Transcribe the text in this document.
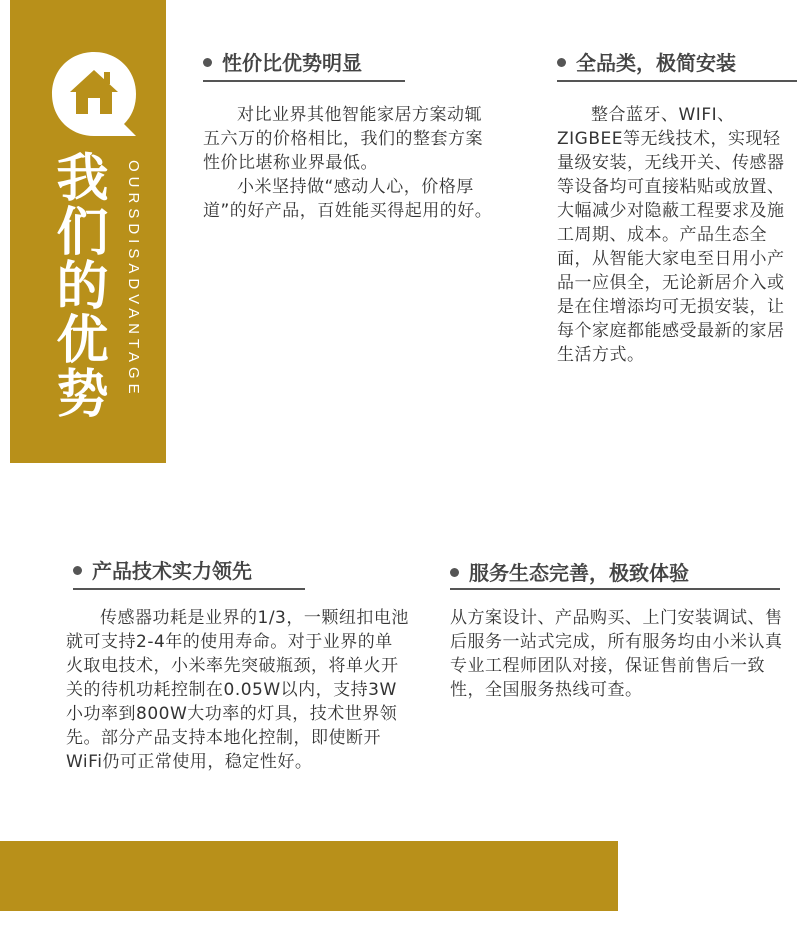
我们的优势	OURSDISADVANTAGE
性价比优势明显

对比业界其他智能家居方案动辄

五六万的价格相比，我们的整套方案

性价比堪称业界最低。

小米坚持做“感动人心，价格厚道”的好产品，百姓能买得起用的好。

全品类，极简安装

整合蓝牙、WIFI、ZIGBEE等无线技术，实现轻量级安装，无线开关、传感器等设备均可直接粘贴或放置、大幅减少对隐蔽工程要求及施工周期、成本。产品生态全面，从智能大家电至日用小产品一应俱全，无论新居介入或是在住增添均可无损安装，让每个家庭都能感受最新的家居生活方式。

产品技术实力领先

传感器功耗是业界的1/3，一颗纽扣电池就可支持2-4年的使用寿命。对于业界的单火取电技术，小米率先突破瓶颈，将单火开关的待机功耗控制在0.05W以内，支持3W小功率到800W大功率的灯具，技术世界领先。部分产品支持本地化控制，即使断开WiFi仍可正常使用，稳定性好。

服务生态完善，极致体验

从方案设计、产品购买、上门安装调试、售后服务一站式完成，所有服务均由小米认真专业工程师团队对接，保证售前售后一致性，全国服务热线可查。
